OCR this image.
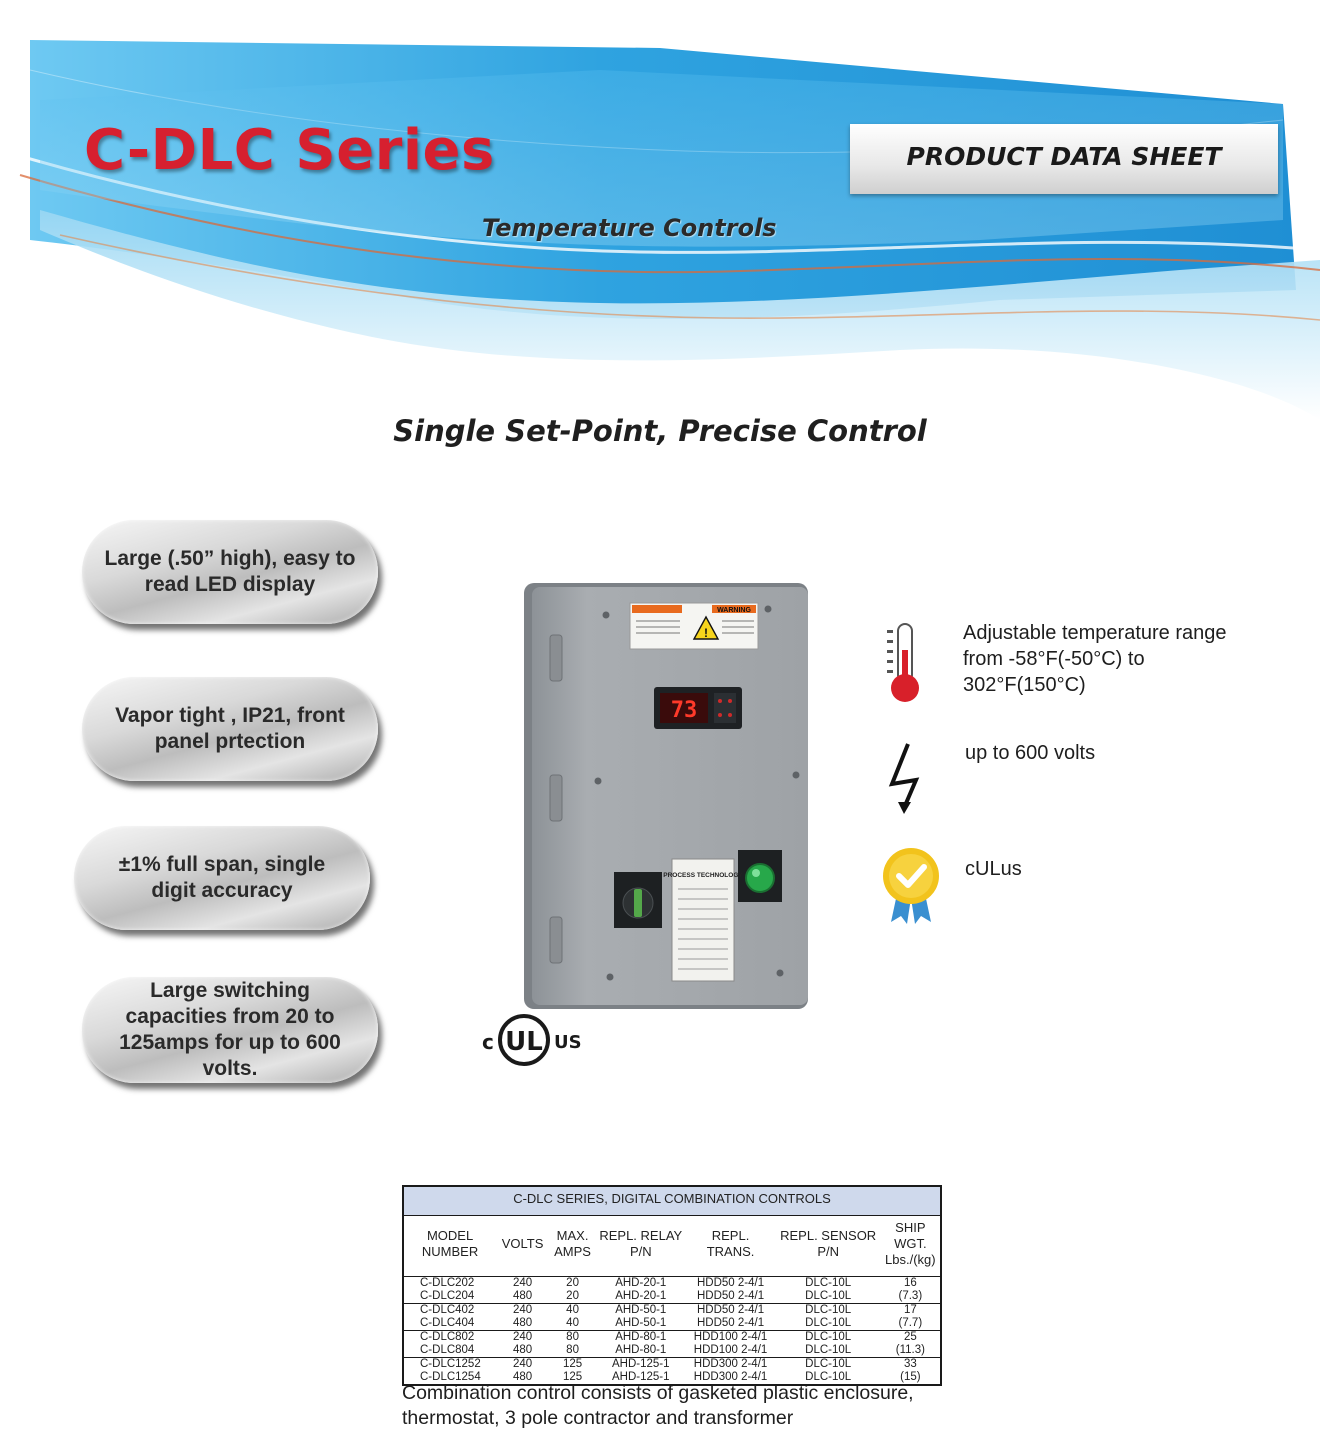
C-DLC Series	PRODUCT DATA SHEET
Temperature Controls
Single Set-Point, Precise Control
Large (.50” high), easy to read LED display
Vapor tight , IP21, front panel prtection
±1% full span, single digit accuracy
Large switching capacities from 20 to 125amps for up to 600 volts.
WARNING
!
73
PROCESS TECHNOLOGY
c UL US
Adjustable temperature range from -58°F(-50°C) to 302°F(150°C)
up to 600 volts
cULus
C-DLC SERIES, DIGITAL COMBINATION CONTROLS						
MODEL NUMBER	VOLTS	MAX. AMPS	REPL. RELAY P/N	REPL. TRANS.	REPL. SENSOR P/N	SHIP WGT. Lbs./(kg)
C-DLC202	240	20	AHD-20-1	HDD50 2-4/1	DLC-10L	16
C-DLC204	480	20	AHD-20-1	HDD50 2-4/1	DLC-10L	(7.3)
C-DLC402	240	40	AHD-50-1	HDD50 2-4/1	DLC-10L	17
C-DLC404	480	40	AHD-50-1	HDD50 2-4/1	DLC-10L	(7.7)
C-DLC802	240	80	AHD-80-1	HDD100 2-4/1	DLC-10L	25
C-DLC804	480	80	AHD-80-1	HDD100 2-4/1	DLC-10L	(11.3)
C-DLC1252	240	125	AHD-125-1	HDD300 2-4/1	DLC-10L	33
C-DLC1254	480	125	AHD-125-1	HDD300 2-4/1	DLC-10L	(15)
Combination control consists of gasketed plastic enclosure, thermostat, 3 pole contractor and transformer
